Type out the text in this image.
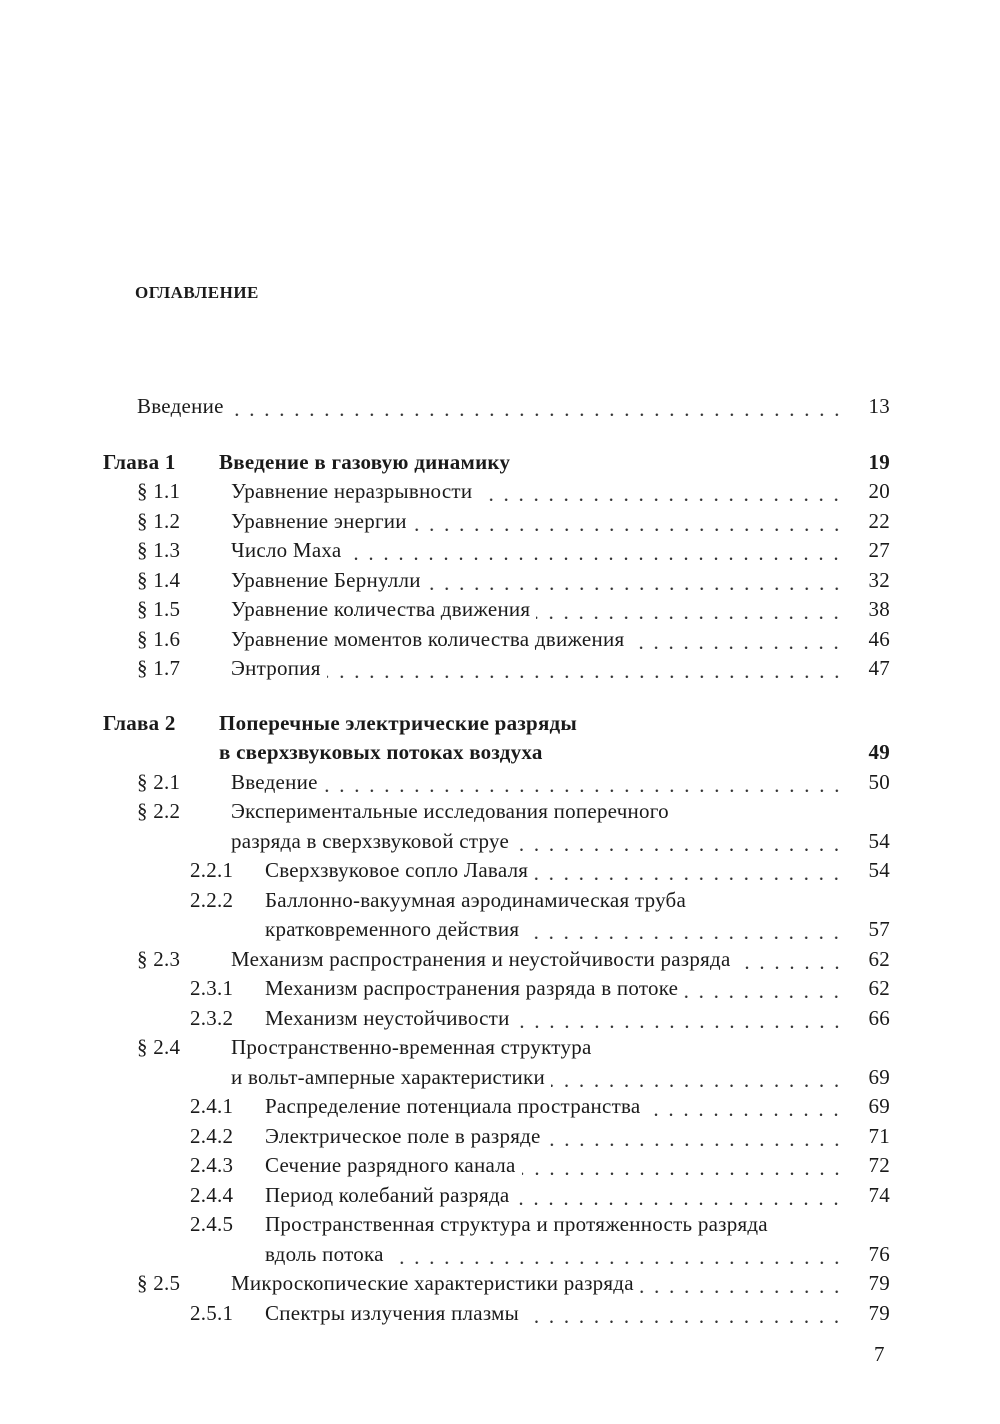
ОГЛАВЛЕНИЕ
Введение	13
Глава 1 Введение в газовую динамику	19
§ 1.1 Уравнение неразрывности	20
§ 1.2 Уравнение энергии	22
§ 1.3 Число Маха	27
§ 1.4 Уравнение Бернулли	32
§ 1.5 Уравнение количества движения	38
§ 1.6 Уравнение моментов количества движения	46
§ 1.7 Энтропия	47
Глава 2 Поперечные электрические разряды
в сверхзвуковых потоках воздуха	49
§ 2.1 Введение	50
§ 2.2 Экспериментальные исследования поперечного
разряда в сверхзвуковой струе	54
2.2.1 Сверхзвуковое сопло Лаваля	54
2.2.2 Баллонно-вакуумная аэродинамическая труба
кратковременного действия	57
§ 2.3 Механизм распространения и неустойчивости разряда	62
2.3.1 Механизм распространения разряда в потоке	62
2.3.2 Механизм неустойчивости	66
§ 2.4 Пространственно-временная структура
и вольт-амперные характеристики	69
2.4.1 Распределение потенциала пространства	69
2.4.2 Электрическое поле в разряде	71
2.4.3 Сечение разрядного канала	72
2.4.4 Период колебаний разряда	74
2.4.5 Пространственная структура и протяженность разряда
вдоль потока	76
§ 2.5 Микроскопические характеристики разряда	79
2.5.1 Спектры излучения плазмы	79
7
